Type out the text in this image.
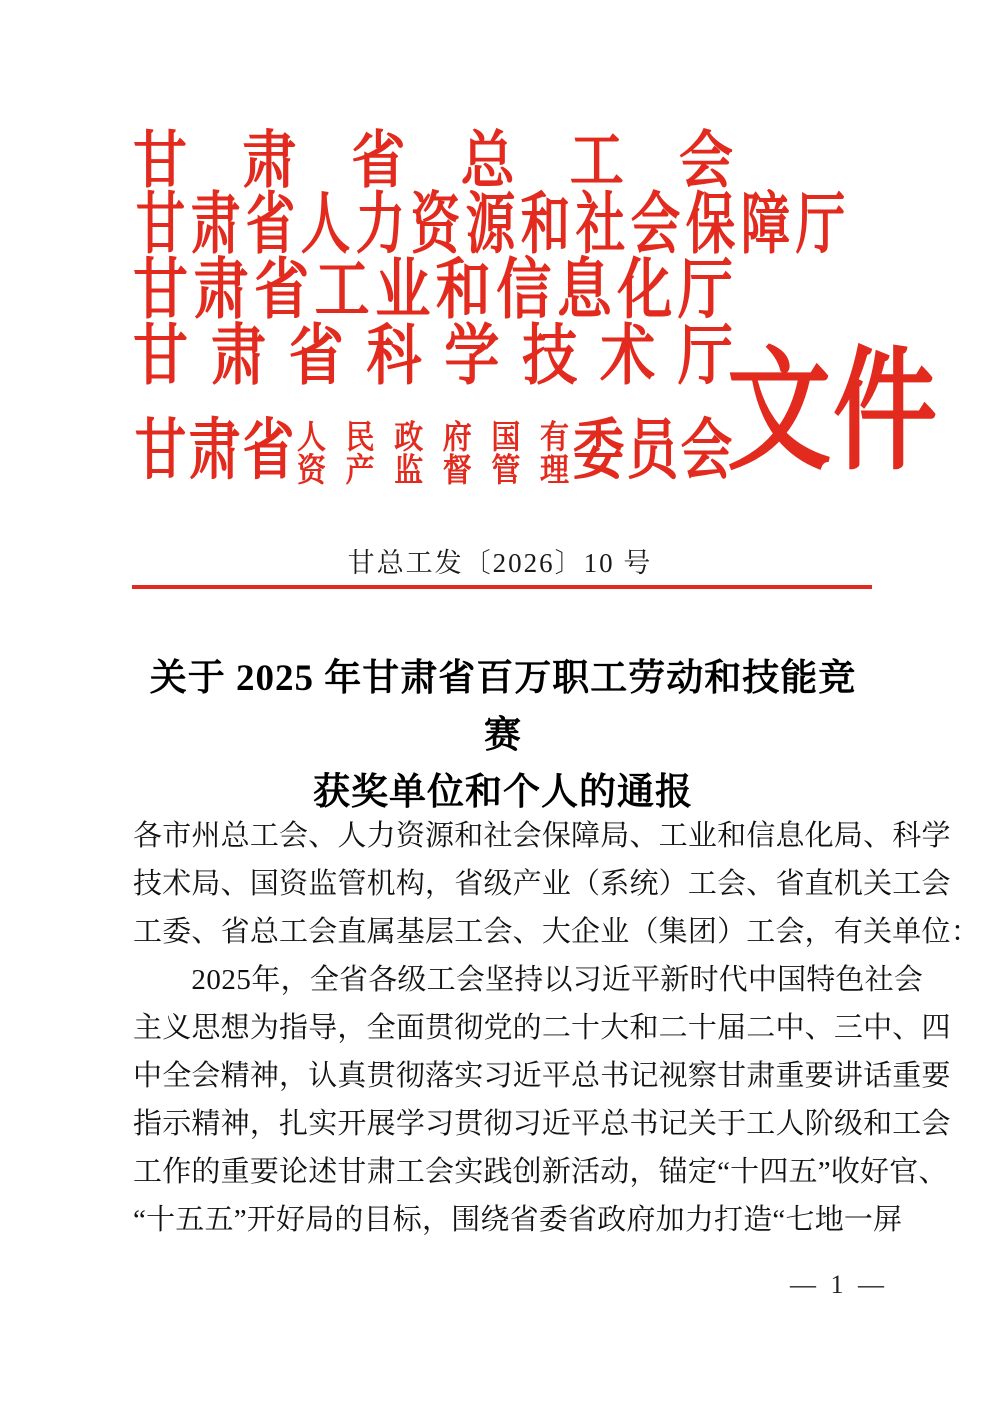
甘 肃 省 总 工 会
甘 肃 省 人 力 资 源 和 社 会 保 障 厅
甘 肃 省 工 业 和 信 息 化 厅
甘 肃 省 科 学 技 术 厅
甘肃省 人 民 政 府 国 有
资 产 监 督 管 理 委员会
文件
甘总工发〔2026〕10 号
关于 2025 年甘肃省百万职工劳动和技能竞赛
获奖单位和个人的通报
各 市 州 总 工 会 、 人 力 资 源 和 社 会 保 障 局 、 工 业 和 信 息 化 局 、 科 学
技 术 局 、 国 资 监 管 机 构 ， 省 级 产 业 （ 系 统 ） 工 会 、 省 直 机 关 工 会
工 委 、 省 总 工 会 直 属 基 层 工 会 、 大 企 业 （ 集 团 ） 工 会 ， 有 关 单 位 ：

2025 年 ， 全 省 各 级 工 会 坚 持 以 习 近 平 新 时 代 中 国 特 色 社 会
主 义 思 想 为 指 导 ， 全 面 贯 彻 党 的 二 十 大 和 二 十 届 二 中 、 三 中 、 四
中 全 会 精 神 ， 认 真 贯 彻 落 实 习 近 平 总 书 记 视 察 甘 肃 重 要 讲 话 重 要
指 示 精 神 ， 扎 实 开 展 学 习 贯 彻 习 近 平 总 书 记 关 于 工 人 阶 级 和 工 会
工 作 的 重 要 论 述 甘 肃 工 会 实 践 创 新 活 动 ， 锚 定 “ 十 四 五 ” 收 好 官 、
“ 十 五 五 ” 开 好 局 的 目 标 ， 围 绕 省 委 省 政 府 加 力 打 造 “ 七 地 一 屏
— 1 —
